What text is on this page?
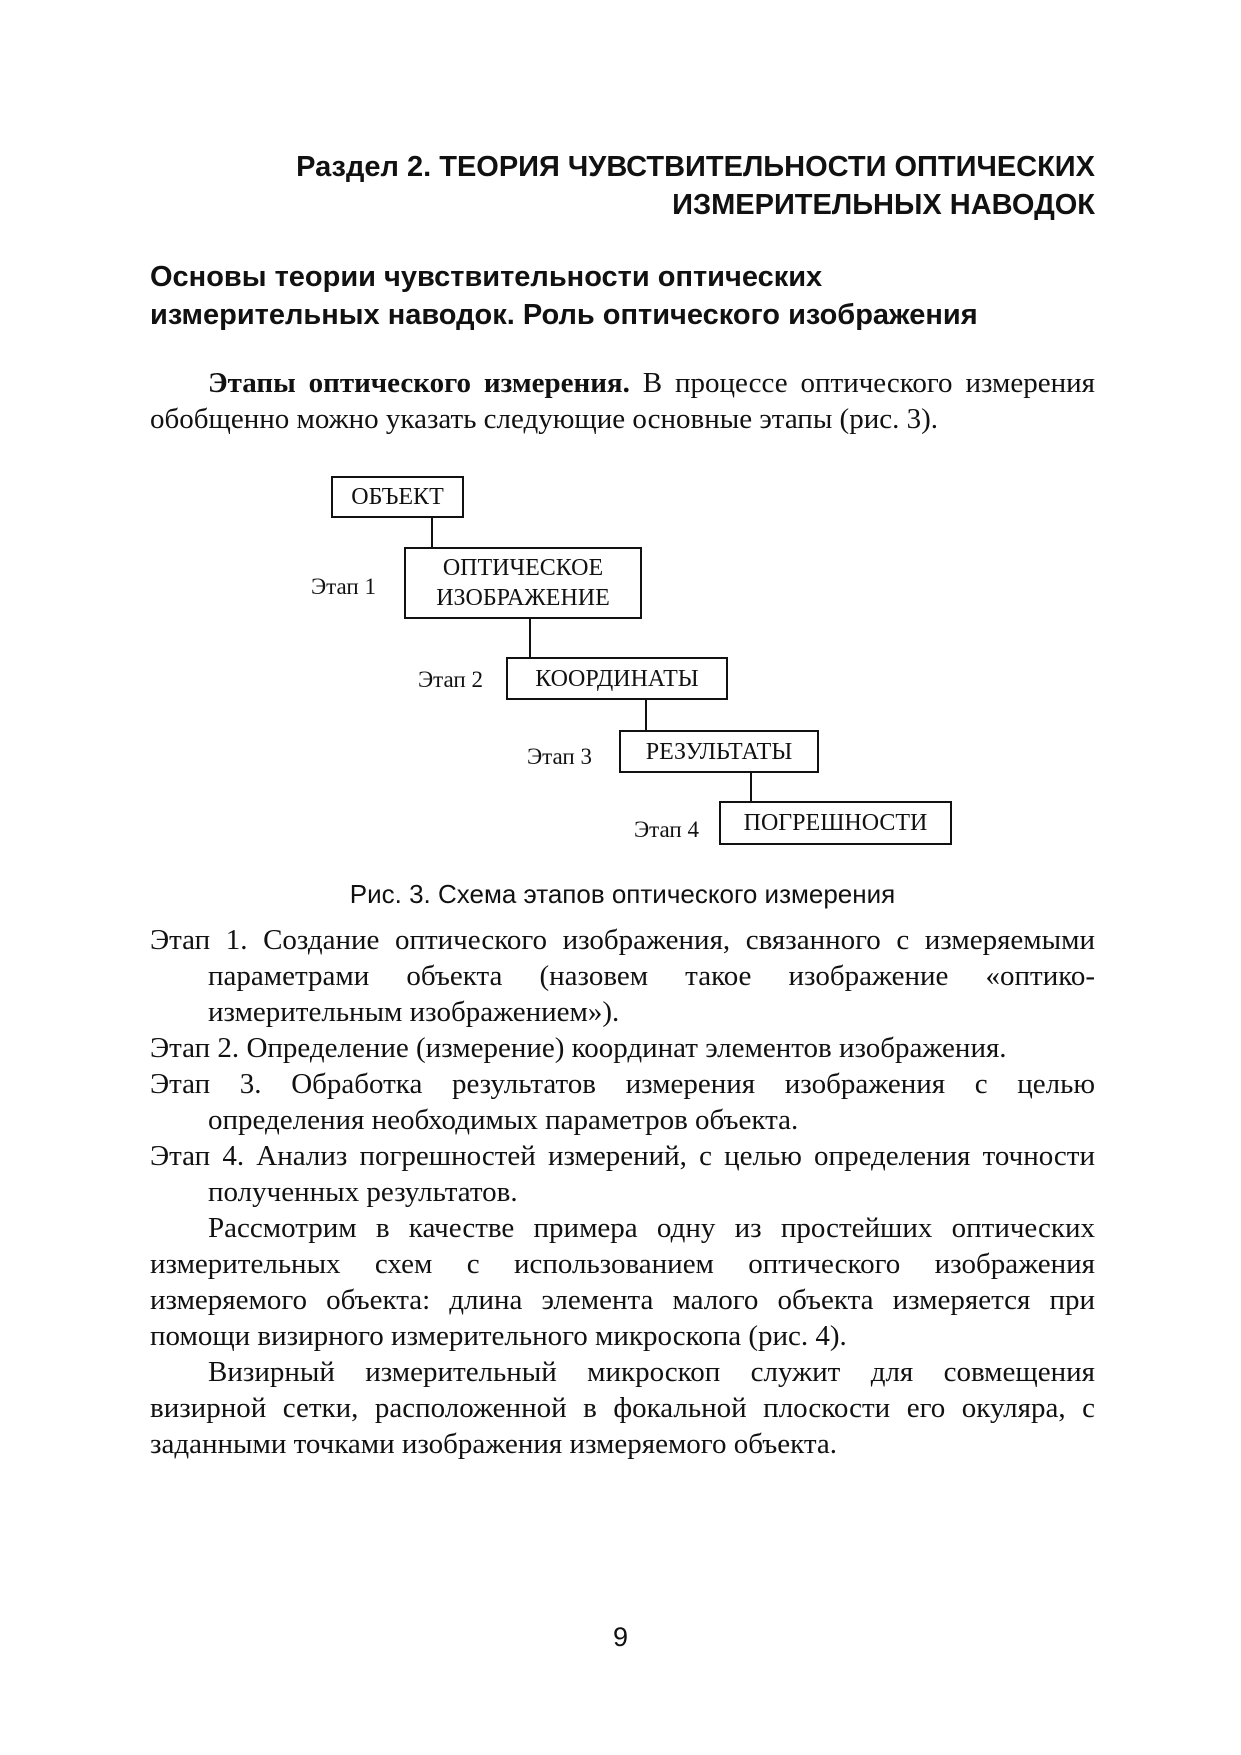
Раздел 2. ТЕОРИЯ ЧУВСТВИТЕЛЬНОСТИ ОПТИЧЕСКИХ
ИЗМЕРИТЕЛЬНЫХ НАВОДОК
Основы теории чувствительности оптических
измерительных наводок. Роль оптического изображения

Этапы оптического измерения. В процессе оптического измерения обобщенно можно указать следующие основные этапы (рис. 3).

ОБЪЕКТ
Этап 1
ОПТИЧЕСКОЕ
ИЗОБРАЖЕНИЕ
Этап 2 КООРДИНАТЫ
Этап 3 РЕЗУЛЬТАТЫ
Этап 4 ПОГРЕШНОСТИ
Рис. 3. Схема этапов оптического измерения

Этап 1. Создание оптического изображения, связанного с измеряемыми параметрами объекта (назовем такое изображение «оптико-измерительным изображением»).

Этап 2. Определение (измерение) координат элементов изображения.

Этап 3. Обработка результатов измерения изображения с целью определения необходимых параметров объекта.

Этап 4. Анализ погрешностей измерений, с целью определения точности полученных результатов.

Рассмотрим в качестве примера одну из простейших оптических измерительных схем с использованием оптического изображения измеряемого объекта: длина элемента малого объекта измеряется при помощи визирного измерительного микроскопа (рис. 4).

Визирный измерительный микроскоп служит для совмещения визирной сетки, расположенной в фокальной плоскости его окуляра, с заданными точками изображения измеряемого объекта.

9
